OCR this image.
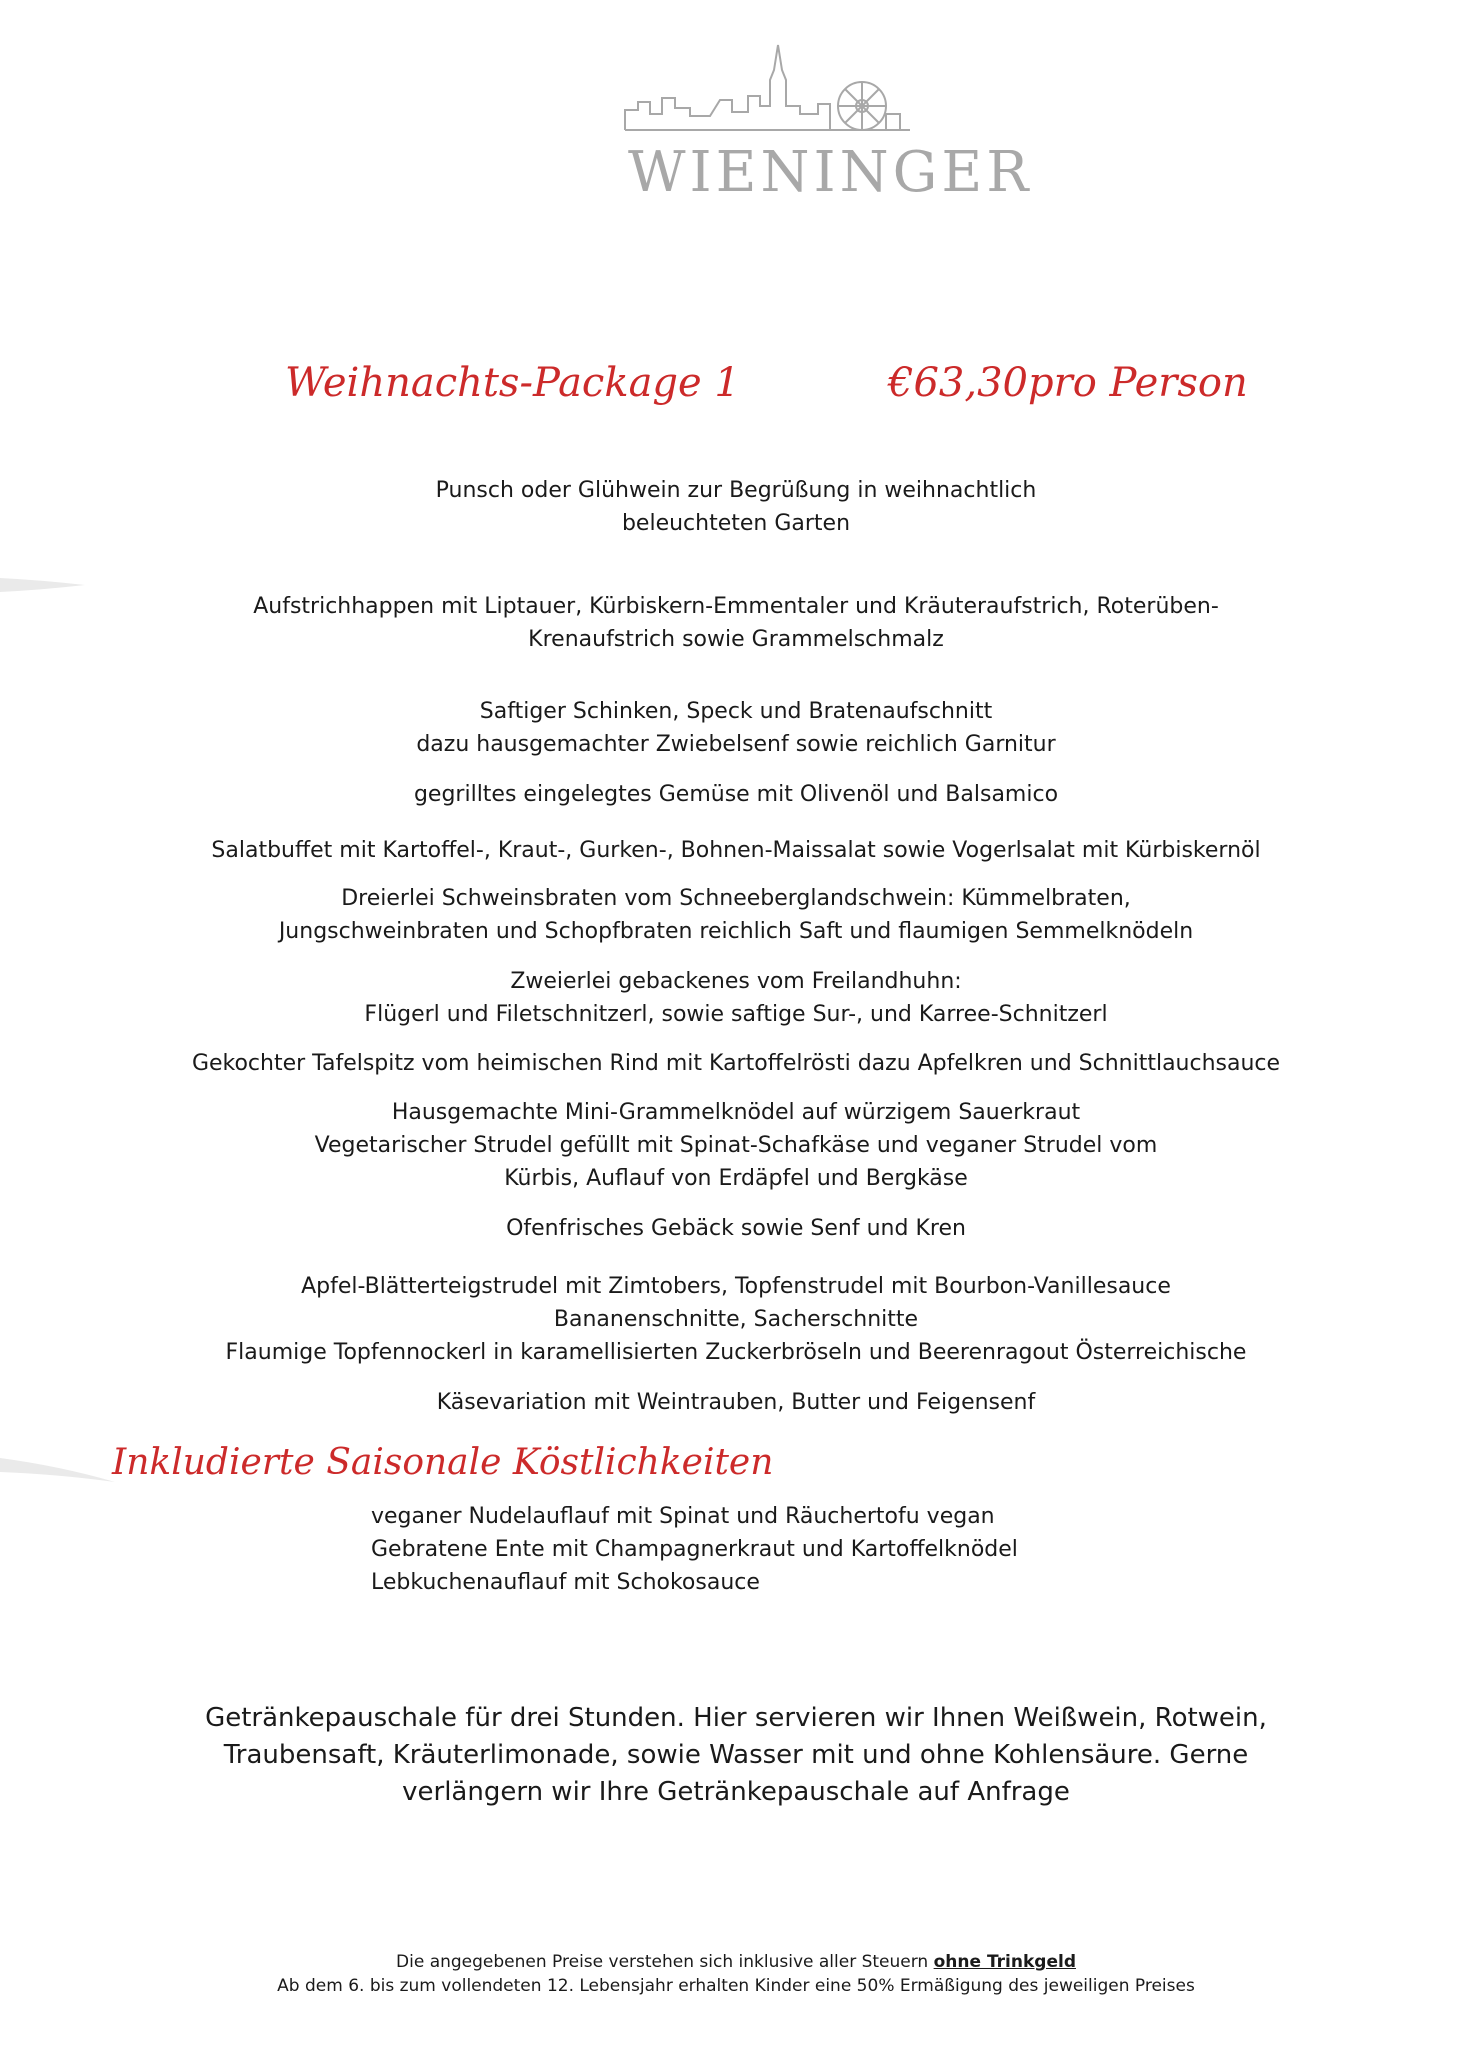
WIENINGER
Weihnachts-Package 1	€63,30pro Person
Punsch oder Glühwein zur Begrüßung in weihnachtlich
beleuchteten Garten
Aufstrichhappen mit Liptauer, Kürbiskern-Emmentaler und Kräuteraufstrich, Roterüben-
Krenaufstrich sowie Grammelschmalz
Saftiger Schinken, Speck und Bratenaufschnitt
dazu hausgemachter Zwiebelsenf sowie reichlich Garnitur
gegrilltes eingelegtes Gemüse mit Olivenöl und Balsamico
Salatbuffet mit Kartoffel-, Kraut-, Gurken-, Bohnen-Maissalat sowie Vogerlsalat mit Kürbiskernöl
Dreierlei Schweinsbraten vom Schneeberglandschwein: Kümmelbraten,
Jungschweinbraten und Schopfbraten reichlich Saft und flaumigen Semmelknödeln
Zweierlei gebackenes vom Freilandhuhn:
Flügerl und Filetschnitzerl, sowie saftige Sur-, und Karree-Schnitzerl
Gekochter Tafelspitz vom heimischen Rind mit Kartoffelrösti dazu Apfelkren und Schnittlauchsauce
Hausgemachte Mini-Grammelknödel auf würzigem Sauerkraut
Vegetarischer Strudel gefüllt mit Spinat-Schafkäse und veganer Strudel vom
Kürbis, Auflauf von Erdäpfel und Bergkäse
Ofenfrisches Gebäck sowie Senf und Kren
Apfel-Blätterteigstrudel mit Zimtobers, Topfenstrudel mit Bourbon-Vanillesauce
Bananenschnitte, Sacherschnitte
Flaumige Topfennockerl in karamellisierten Zuckerbröseln und Beerenragout Österreichische
Käsevariation mit Weintrauben, Butter und Feigensenf
Inkludierte Saisonale Köstlichkeiten
veganer Nudelauflauf mit Spinat und Räuchertofu vegan
Gebratene Ente mit Champagnerkraut und Kartoffelknödel
Lebkuchenauflauf mit Schokosauce
Getränkepauschale für drei Stunden. Hier servieren wir Ihnen Weißwein, Rotwein,
Traubensaft, Kräuterlimonade, sowie Wasser mit und ohne Kohlensäure. Gerne
verlängern wir Ihre Getränkepauschale auf Anfrage
Die angegebenen Preise verstehen sich inklusive aller Steuern ohne Trinkgeld
Ab dem 6. bis zum vollendeten 12. Lebensjahr erhalten Kinder eine 50% Ermäßigung des jeweiligen Preises
